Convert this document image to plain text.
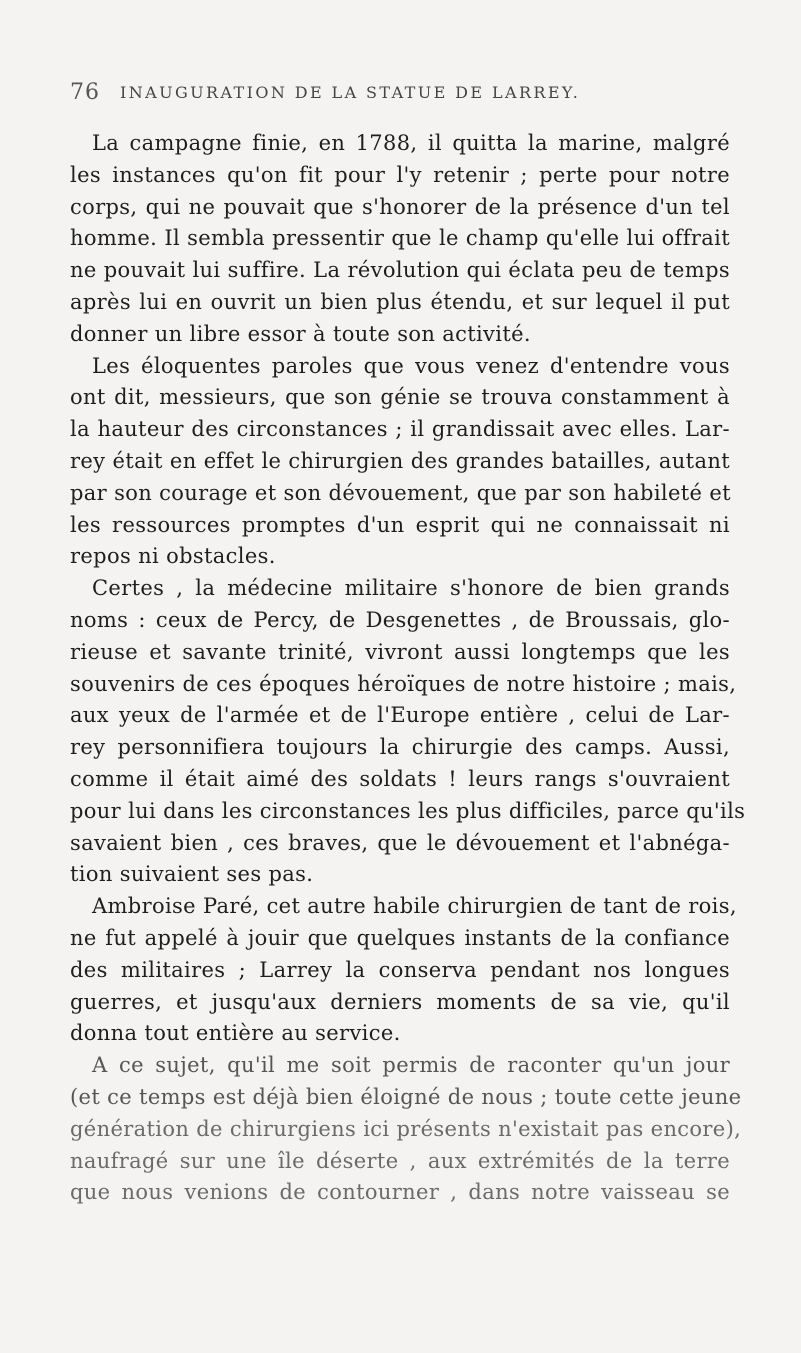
76 INAUGURATION DE LA STATUE DE LARREY.
La campagne finie, en 1788, il quitta la marine, malgré
les instances qu'on fit pour l'y retenir ; perte pour notre
corps, qui ne pouvait que s'honorer de la présence d'un tel
homme. Il sembla pressentir que le champ qu'elle lui offrait
ne pouvait lui suffire. La révolution qui éclata peu de temps
après lui en ouvrit un bien plus étendu, et sur lequel il put
donner un libre essor à toute son activité.
Les éloquentes paroles que vous venez d'entendre vous
ont dit, messieurs, que son génie se trouva constamment à
la hauteur des circonstances ; il grandissait avec elles. Lar-
rey était en effet le chirurgien des grandes batailles, autant
par son courage et son dévouement, que par son habileté et
les ressources promptes d'un esprit qui ne connaissait ni
repos ni obstacles.
Certes , la médecine militaire s'honore de bien grands
noms : ceux de Percy, de Desgenettes , de Broussais, glo-
rieuse et savante trinité, vivront aussi longtemps que les
souvenirs de ces époques héroïques de notre histoire ; mais,
aux yeux de l'armée et de l'Europe entière , celui de Lar-
rey personnifiera toujours la chirurgie des camps. Aussi,
comme il était aimé des soldats ! leurs rangs s'ouvraient
pour lui dans les circonstances les plus difficiles, parce qu'ils
savaient bien , ces braves, que le dévouement et l'abnéga-
tion suivaient ses pas.
Ambroise Paré, cet autre habile chirurgien de tant de rois,
ne fut appelé à jouir que quelques instants de la confiance
des militaires ; Larrey la conserva pendant nos longues
guerres, et jusqu'aux derniers moments de sa vie, qu'il
donna tout entière au service.
A ce sujet, qu'il me soit permis de raconter qu'un jour
(et ce temps est déjà bien éloigné de nous ; toute cette jeune
génération de chirurgiens ici présents n'existait pas encore),
naufragé sur une île déserte , aux extrémités de la terre
que nous venions de contourner , dans notre vaisseau se
